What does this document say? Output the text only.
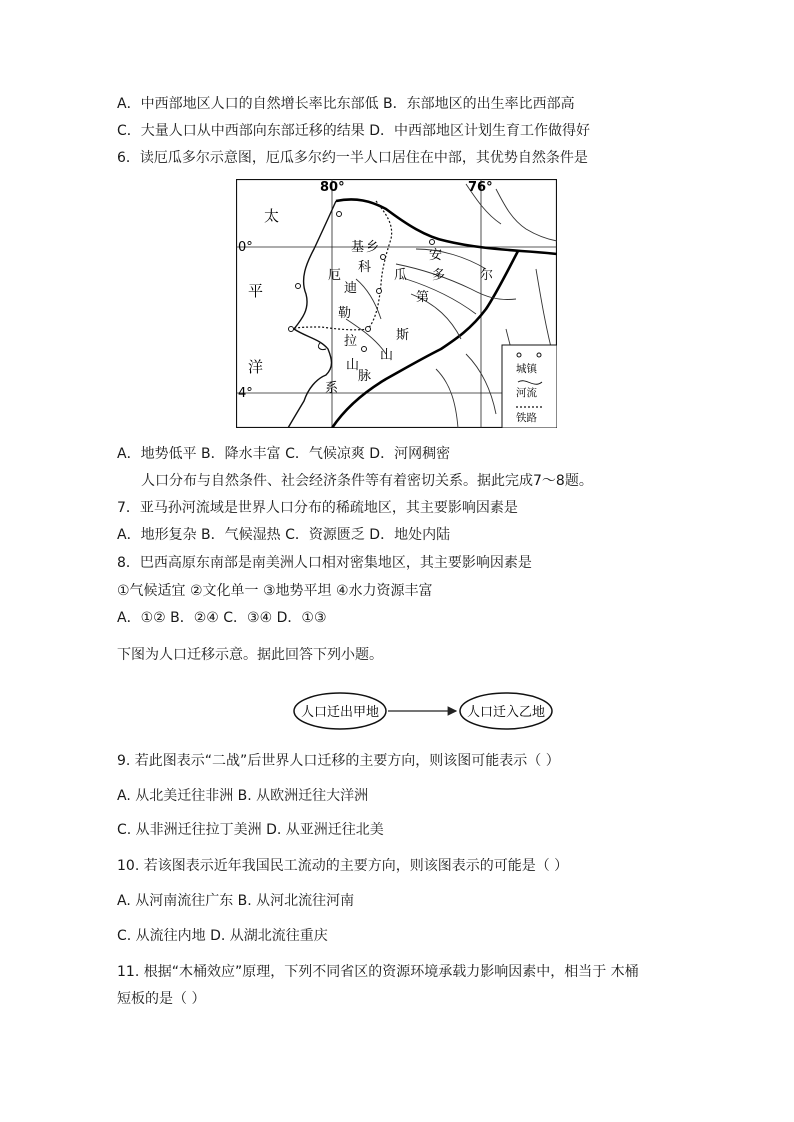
A．中西部地区人口的自然增长率比东部低 B．东部地区的出生率比西部高
C．大量人口从中西部向东部迁移的结果 D．中西部地区计划生育工作做得好
6．读厄瓜多尔示意图，厄瓜多尔约一半人口居住在中部，其优势自然条件是
80°	76°
0°
4°
太
平
洋
基 乡
科
厄
迪
勒
拉
山
系
安
瓜 多	尔
第
斯
山
脉	城镇
河流
铁路
A．地势低平 B．降水丰富 C．气候凉爽 D．河网稠密
人口分布与自然条件、社会经济条件等有着密切关系。据此完成7～8题。
7．亚马孙河流域是世界人口分布的稀疏地区，其主要影响因素是
A．地形复杂 B．气候湿热 C．资源匮乏 D．地处内陆
8．巴西高原东南部是南美洲人口相对密集地区，其主要影响因素是
①气候适宜 ②文化单一 ③地势平坦 ④水力资源丰富
A．①② B．②④ C．③④ D．①③
下图为人口迁移示意。据此回答下列小题。
人口迁出甲地	人口迁入乙地
9. 若此图表示“二战”后世界人口迁移的主要方向，则该图可能表示（ ）
A. 从北美迁往非洲 B. 从欧洲迁往大洋洲
C. 从非洲迁往拉丁美洲 D. 从亚洲迁往北美
10. 若该图表示近年我国民工流动的主要方向，则该图表示的可能是（ ）
A. 从河南流往广东 B. 从河北流往河南
C. 从流往内地 D. 从湖北流往重庆
11. 根据“木桶效应”原理，下列不同省区的资源环境承载力影响因素中，相当于 木桶
短板的是（ ）
